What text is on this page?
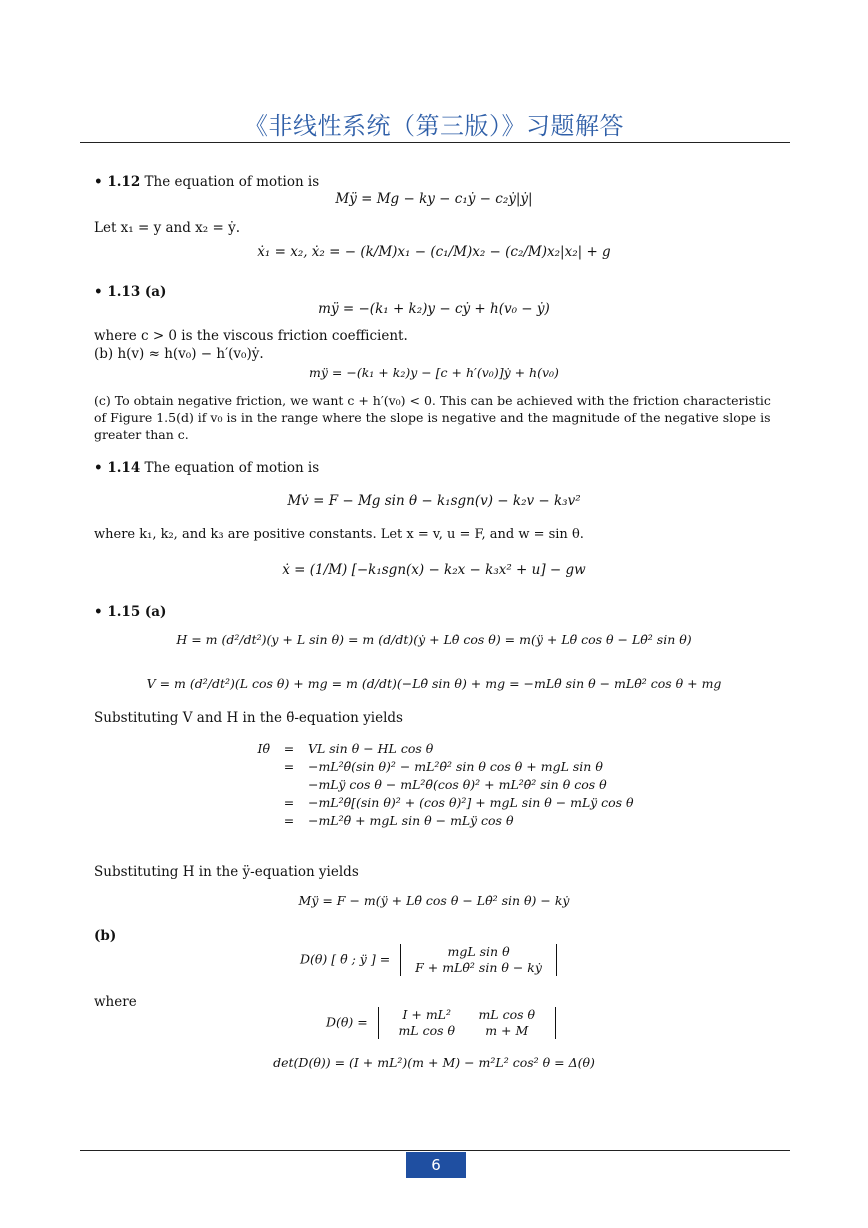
《非线性系统（第三版）》习题解答
• 1.12 The equation of motion is
Mÿ = Mg − ky − c₁ẏ − c₂ẏ|ẏ|
Let x₁ = y and x₂ = ẏ.
ẋ₁ = x₂, ẋ₂ = − (k/M)x₁ − (c₁/M)x₂ − (c₂/M)x₂|x₂| + g
• 1.13 (a)
mÿ = −(k₁ + k₂)y − cẏ + h(v₀ − ẏ)
where c > 0 is the viscous friction coefficient.
(b) h(v) ≈ h(v₀) − h′(v₀)ẏ.
mÿ = −(k₁ + k₂)y − [c + h′(v₀)]ẏ + h(v₀)
(c) To obtain negative friction, we want c + h′(v₀) < 0. This can be achieved with the friction characteristic
of Figure 1.5(d) if v₀ is in the range where the slope is negative and the magnitude of the negative slope is
greater than c.
• 1.14 The equation of motion is
Mv̇ = F − Mg sin θ − k₁sgn(v) − k₂v − k₃v²
where k₁, k₂, and k₃ are positive constants. Let x = v, u = F, and w = sin θ.
ẋ = (1/M) [−k₁sgn(x) − k₂x − k₃x² + u] − gw
• 1.15 (a)
H = m (d²/dt²)(y + L sin θ) = m (d/dt)(ẏ + Lθ̇ cos θ) = m(ÿ + Lθ̈ cos θ − Lθ̇² sin θ)
V = m (d²/dt²)(L cos θ) + mg = m (d/dt)(−Lθ̇ sin θ) + mg = −mLθ̈ sin θ − mLθ̇² cos θ + mg
Substituting V and H in the θ̈-equation yields
Iθ̈ = VL sin θ − HL cos θ
= −mL²θ̈(sin θ)² − mL²θ̇² sin θ cos θ + mgL sin θ
−mLÿ cos θ − mL²θ̈(cos θ)² + mL²θ̇² sin θ cos θ
= −mL²θ̈[(sin θ)² + (cos θ)²] + mgL sin θ − mLÿ cos θ
= −mL²θ̈ + mgL sin θ − mLÿ cos θ
Substituting H in the ÿ-equation yields
Mÿ = F − m(ÿ + Lθ̈ cos θ − Lθ̇² sin θ) − kẏ
(b)
D(θ) [ θ̈ ; ÿ ] =	mgL sin θ
F + mLθ̇² sin θ − kẏ
where
D(θ) =	I + mL² mL cos θ
mL cos θ m + M
det(D(θ)) = (I + mL²)(m + M) − m²L² cos² θ = Δ(θ)
6
